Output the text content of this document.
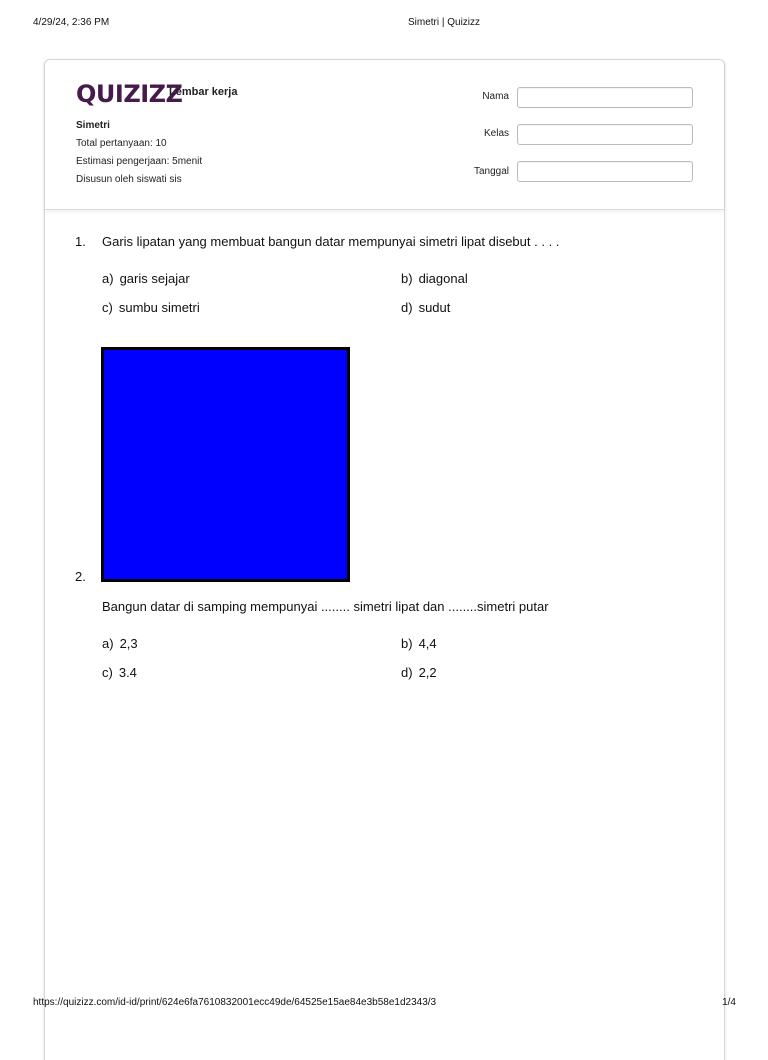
4/29/24, 2:36 PM	Simetri | Quizizz
QUIZIZZ
Lembar kerja
Simetri
Total pertanyaan: 10
Estimasi pengerjaan: 5menit
Disusun oleh siswati sis
Nama
Kelas
Tanggal
1. Garis lipatan yang membuat bangun datar mempunyai simetri lipat disebut . . . .
a) garis sejajar	b) diagonal
c) sumbu simetri	d) sudut
2.
Bangun datar di samping mempunyai ........ simetri lipat dan ........simetri putar
a) 2,3	b) 4,4
c) 3.4	d) 2,2
https://quizizz.com/id-id/print/624e6fa7610832001ecc49de/64525e15ae84e3b58e1d2343/3	1/4
